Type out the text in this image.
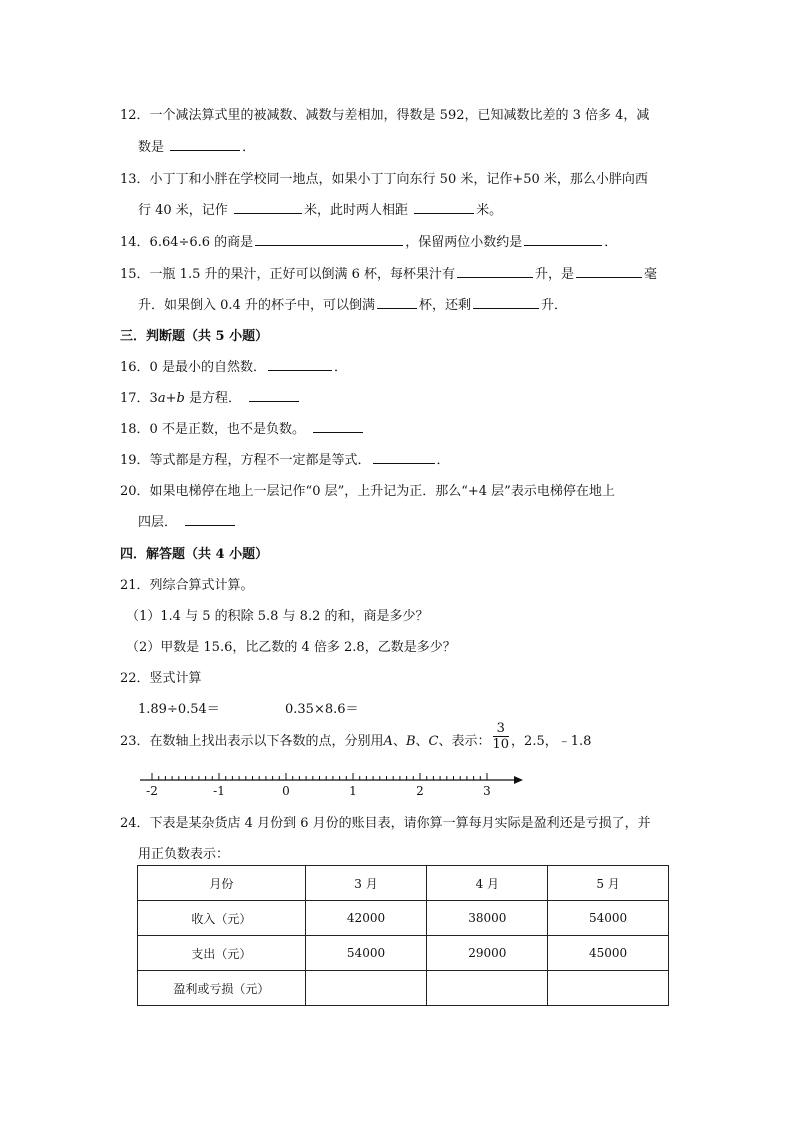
12．一个减法算式里的被减数、减数与差相加，得数是 592，已知减数比差的 3 倍多 4，减
数是	．
13．小丁丁和小胖在学校同一地点，如果小丁丁向东行 50 米，记作+50 米，那么小胖向西
行 40 米，记作	米，此时两人相距	米。
14．6.64÷6.6 的商是	，保留两位小数约是	．
15．一瓶 1.5 升的果汁，正好可以倒满 6 杯，每杯果汁有	升，是	毫
升．如果倒入 0.4 升的杯子中，可以倒满	杯，还剩	升．
三．判断题（共 5 小题）
16．0 是最小的自然数．	．
17．3a+b 是方程．
18．0 不是正数，也不是负数。
19．等式都是方程，方程不一定都是等式．	．
20．如果电梯停在地上一层记作“0 层”，上升记为正．那么“+4 层”表示电梯停在地上
四层．
四．解答题（共 4 小题）
21．列综合算式计算。
（1）1.4 与 5 的积除 5.8 与 8.2 的和，商是多少？
（2）甲数是 15.6，比乙数的 4 倍多 2.8，乙数是多少？
22．竖式计算
1.89÷0.54＝	0.35×8.6＝
23．在数轴上找出表示以下各数的点，分别用A、B、C、表示： $\frac{3}{10}$ ，2.5，﹣1.8
-2	-1	0	1	2	3
24．下表是某杂货店 4 月份到 6 月份的账目表，请你算一算每月实际是盈利还是亏损了，并
用正负数表示：
月份	3 月	4 月	5 月
收入（元）	42000	38000	54000
支出（元）	54000	29000	45000
盈利或亏损（元）			
